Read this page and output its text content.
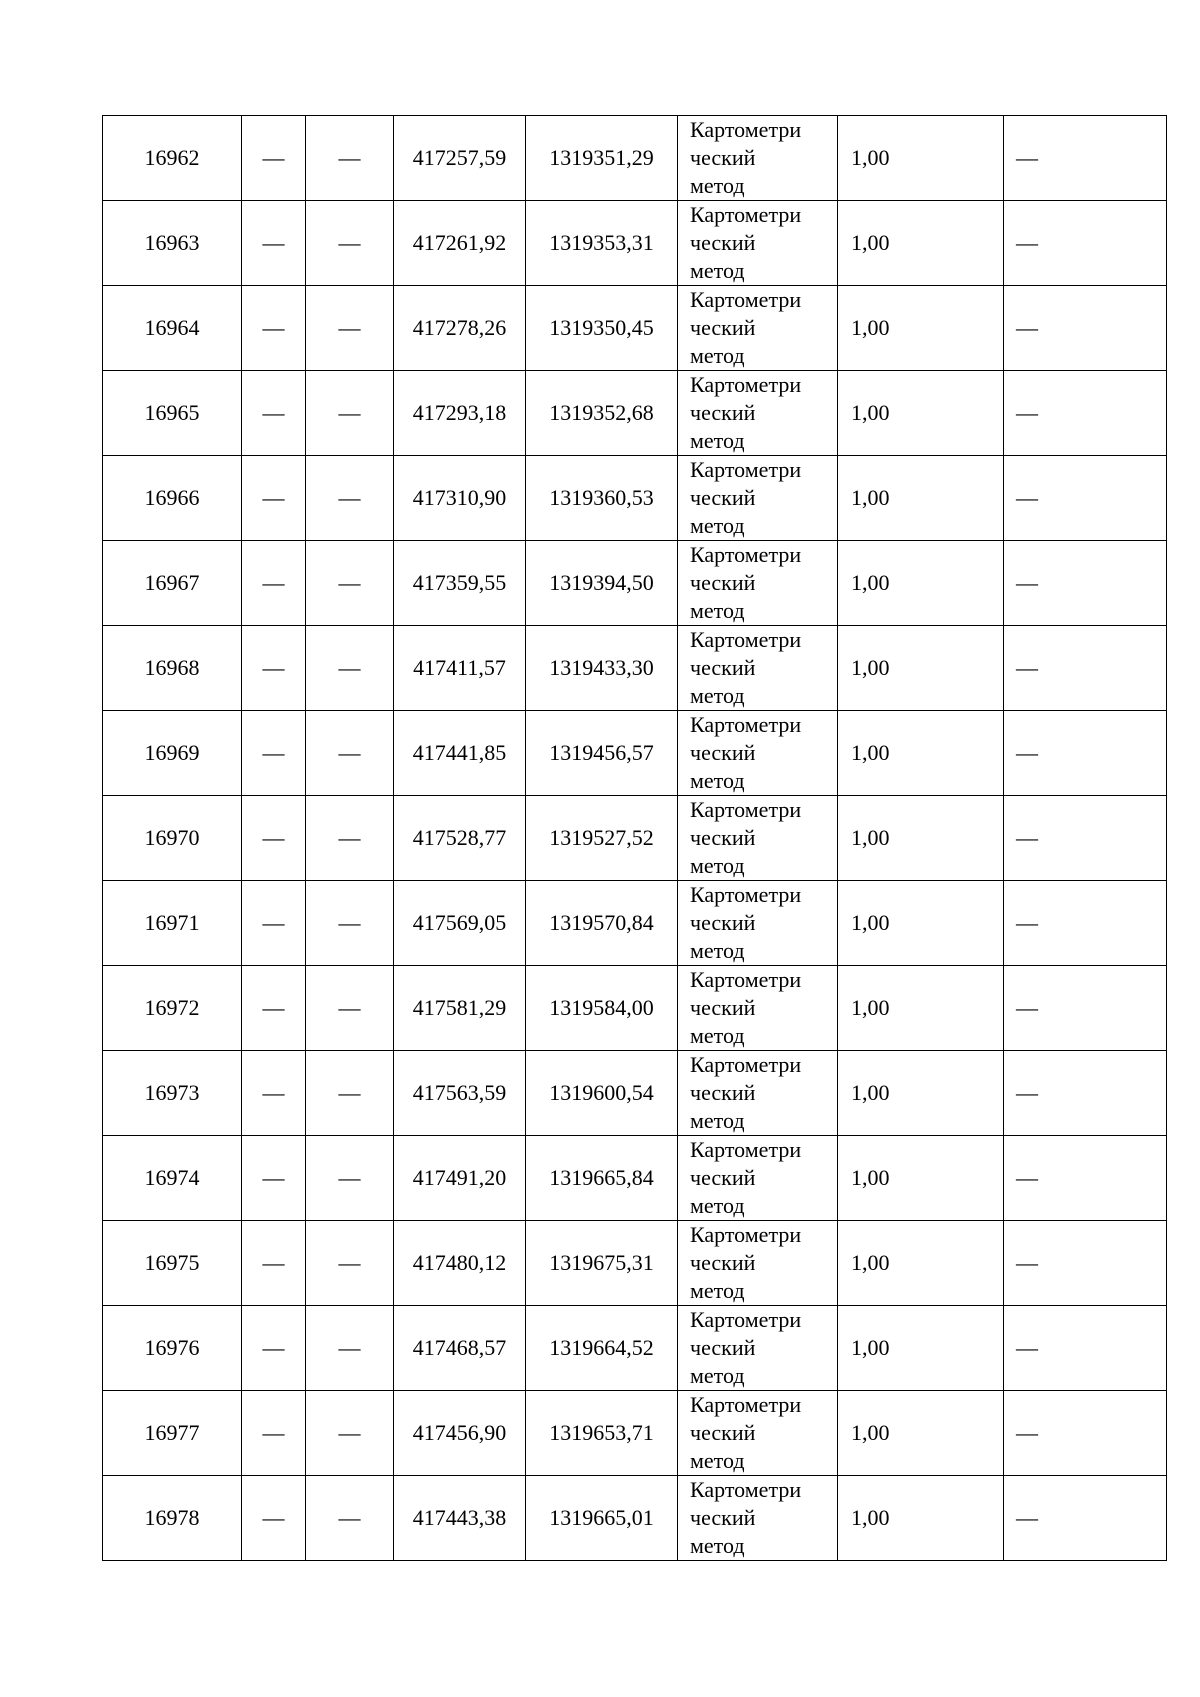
16962	—	—	417257,59	1319351,29	Картометри
ческий
метод	1,00	—
16963	—	—	417261,92	1319353,31	Картометри
ческий
метод	1,00	—
16964	—	—	417278,26	1319350,45	Картометри
ческий
метод	1,00	—
16965	—	—	417293,18	1319352,68	Картометри
ческий
метод	1,00	—
16966	—	—	417310,90	1319360,53	Картометри
ческий
метод	1,00	—
16967	—	—	417359,55	1319394,50	Картометри
ческий
метод	1,00	—
16968	—	—	417411,57	1319433,30	Картометри
ческий
метод	1,00	—
16969	—	—	417441,85	1319456,57	Картометри
ческий
метод	1,00	—
16970	—	—	417528,77	1319527,52	Картометри
ческий
метод	1,00	—
16971	—	—	417569,05	1319570,84	Картометри
ческий
метод	1,00	—
16972	—	—	417581,29	1319584,00	Картометри
ческий
метод	1,00	—
16973	—	—	417563,59	1319600,54	Картометри
ческий
метод	1,00	—
16974	—	—	417491,20	1319665,84	Картометри
ческий
метод	1,00	—
16975	—	—	417480,12	1319675,31	Картометри
ческий
метод	1,00	—
16976	—	—	417468,57	1319664,52	Картометри
ческий
метод	1,00	—
16977	—	—	417456,90	1319653,71	Картометри
ческий
метод	1,00	—
16978	—	—	417443,38	1319665,01	Картометри
ческий
метод	1,00	—
